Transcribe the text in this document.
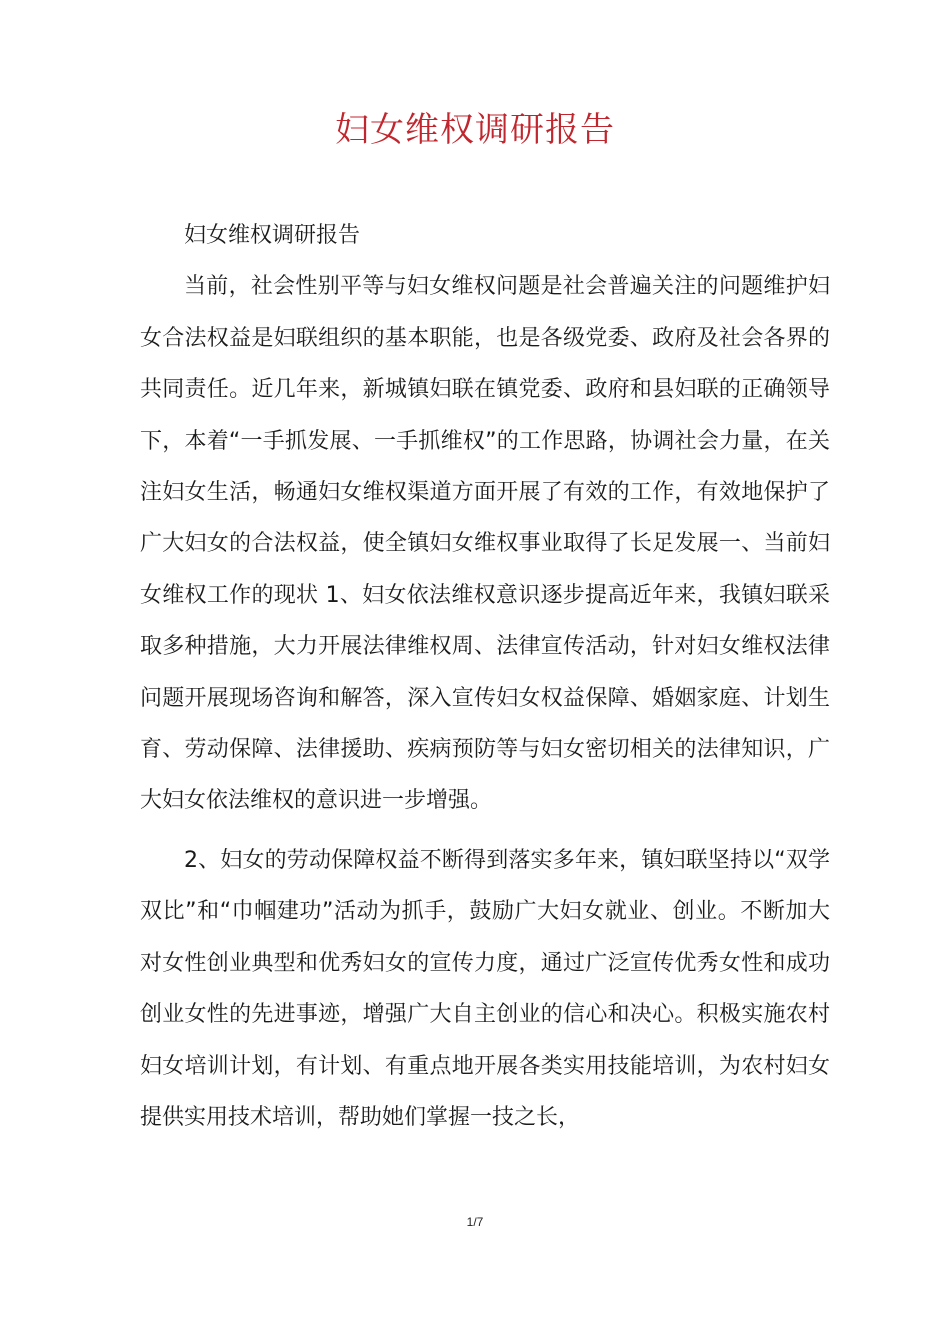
妇女维权调研报告

妇女维权调研报告

当前，社会性别平等与妇女维权问题是社会普遍关注的问题维护妇女合法权益是妇联组织的基本职能，也是各级党委、政府及社会各界的共同责任。近几年来，新城镇妇联在镇党委、政府和县妇联的正确领导下，本着“一手抓发展、一手抓维权”的工作思路，协调社会力量，在关注妇女生活，畅通妇女维权渠道方面开展了有效的工作，有效地保护了广大妇女的合法权益，使全镇妇女维权事业取得了长足发展一、当前妇女维权工作的现状 1、妇女依法维权意识逐步提高近年来，我镇妇联采取多种措施，大力开展法律维权周、法律宣传活动，针对妇女维权法律问题开展现场咨询和解答，深入宣传妇女权益保障、婚姻家庭、计划生育、劳动保障、法律援助、疾病预防等与妇女密切相关的法律知识，广大妇女依法维权的意识进一步增强。

2、妇女的劳动保障权益不断得到落实多年来，镇妇联坚持以“双学双比”和“巾帼建功”活动为抓手，鼓励广大妇女就业、创业。不断加大对女性创业典型和优秀妇女的宣传力度，通过广泛宣传优秀女性和成功创业女性的先进事迹，增强广大自主创业的信心和决心。积极实施农村妇女培训计划，有计划、有重点地开展各类实用技能培训，为农村妇女提供实用技术培训，帮助她们掌握一技之长，

1/7
